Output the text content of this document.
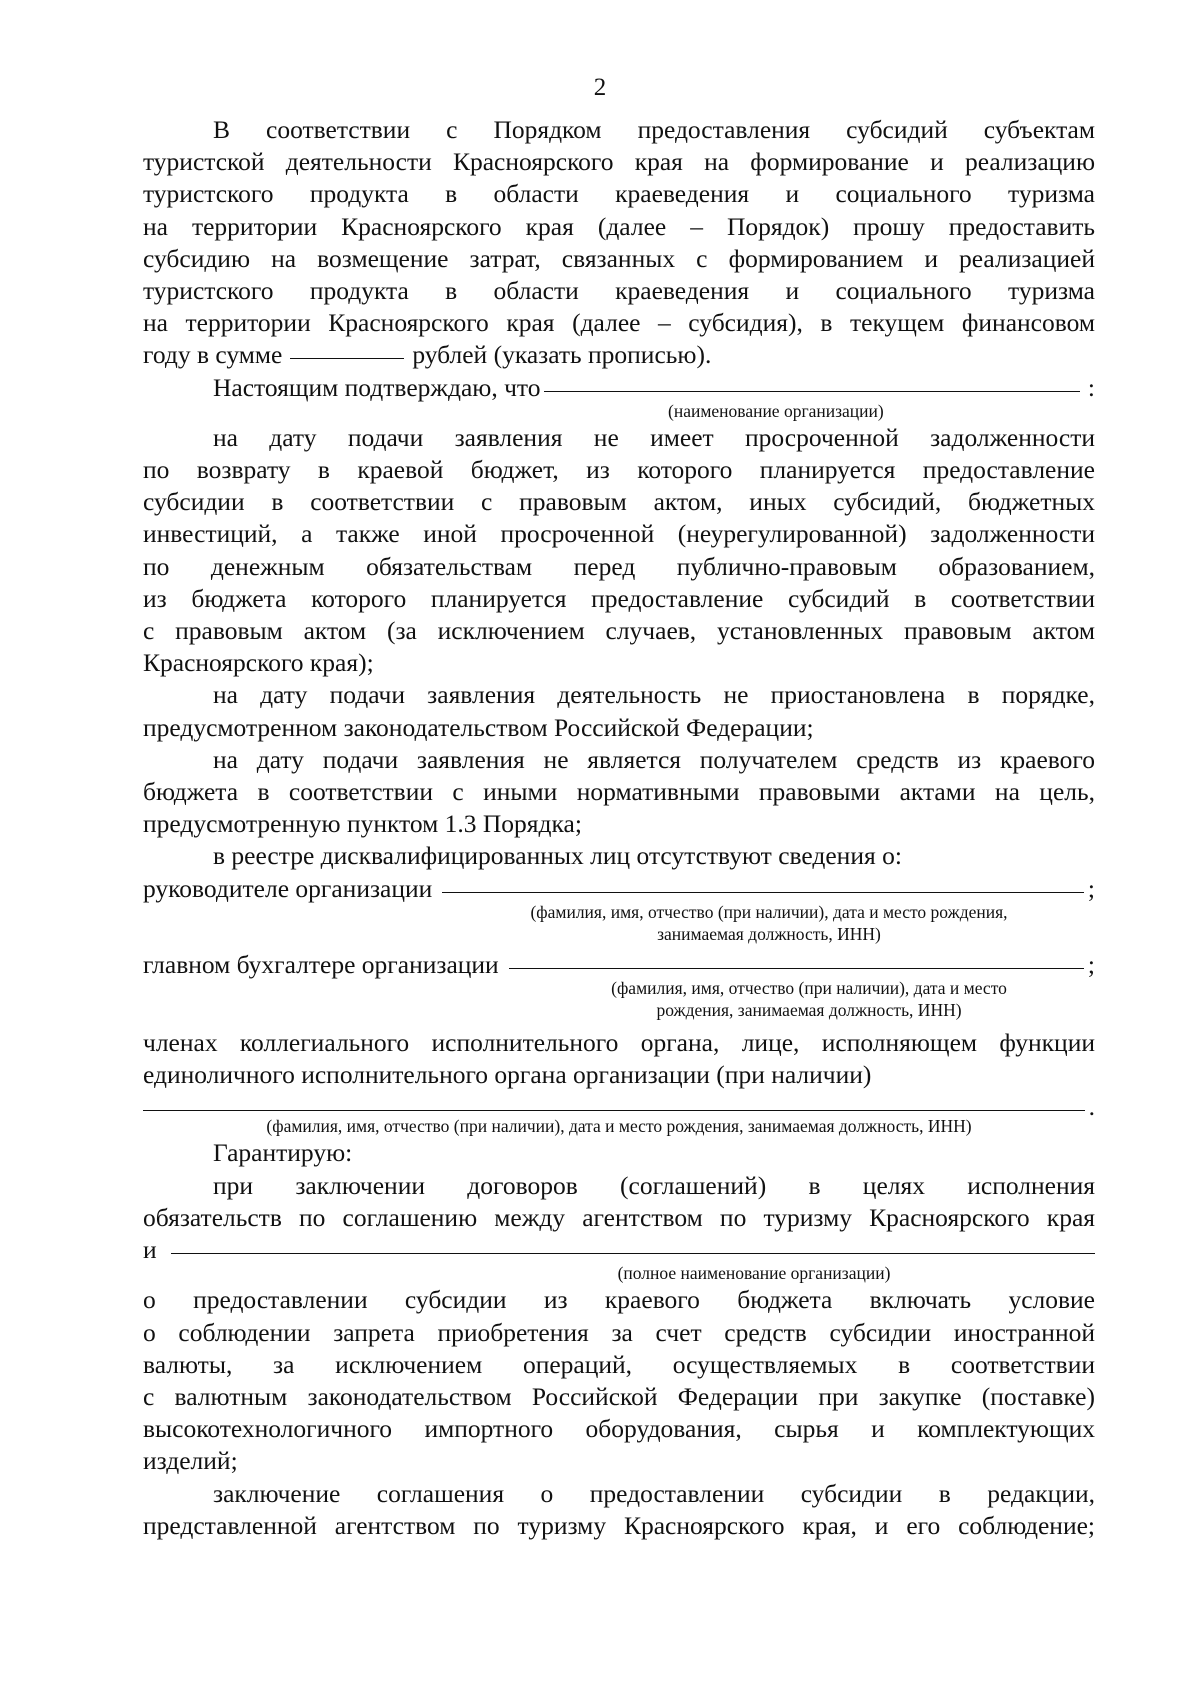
2

В соответствии с Порядком предоставления субсидий субъектам

туристской деятельности Красноярского края на формирование и реализацию

туристского продукта в области краеведения и социального туризма

на территории Красноярского края (далее – Порядок) прошу предоставить

субсидию на возмещение затрат, связанных с формированием и реализацией

туристского продукта в области краеведения и социального туризма

на территории Красноярского края (далее – субсидия), в текущем финансовом

году в сумме	рублей (указать прописью).

Настоящим подтверждаю, что	:
(наименование организации)

на дату подачи заявления не имеет просроченной задолженности

по возврату в краевой бюджет, из которого планируется предоставление

субсидии в соответствии с правовым актом, иных субсидий, бюджетных

инвестиций, а также иной просроченной (неурегулированной) задолженности

по денежным обязательствам перед публично-правовым образованием,

из бюджета которого планируется предоставление субсидий в соответствии

с правовым актом (за исключением случаев, установленных правовым актом

Красноярского края);

на дату подачи заявления деятельность не приостановлена в порядке,

предусмотренном законодательством Российской Федерации;

на дату подачи заявления не является получателем средств из краевого

бюджета в соответствии с иными нормативными правовыми актами на цель,

предусмотренную пунктом 1.3 Порядка;

в реестре дисквалифицированных лиц отсутствуют сведения о:

руководителе организации	;
(фамилия, имя, отчество (при наличии), дата и место рождения,
занимаемая должность, ИНН)
главном бухгалтере организации	;
(фамилия, имя, отчество (при наличии), дата и место
рождения, занимаемая должность, ИНН)

членах коллегиального исполнительного органа, лице, исполняющем функции

единоличного исполнительного органа организации (при наличии)

.
(фамилия, имя, отчество (при наличии), дата и место рождения, занимаемая должность, ИНН)

Гарантирую:

при заключении договоров (соглашений) в целях исполнения

обязательств по соглашению между агентством по туризму Красноярского края

и
(полное наименование организации)

о предоставлении субсидии из краевого бюджета включать условие

о соблюдении запрета приобретения за счет средств субсидии иностранной

валюты, за исключением операций, осуществляемых в соответствии

с валютным законодательством Российской Федерации при закупке (поставке)

высокотехнологичного импортного оборудования, сырья и комплектующих

изделий;

заключение соглашения о предоставлении субсидии в редакции,

представленной агентством по туризму Красноярского края, и его соблюдение;
